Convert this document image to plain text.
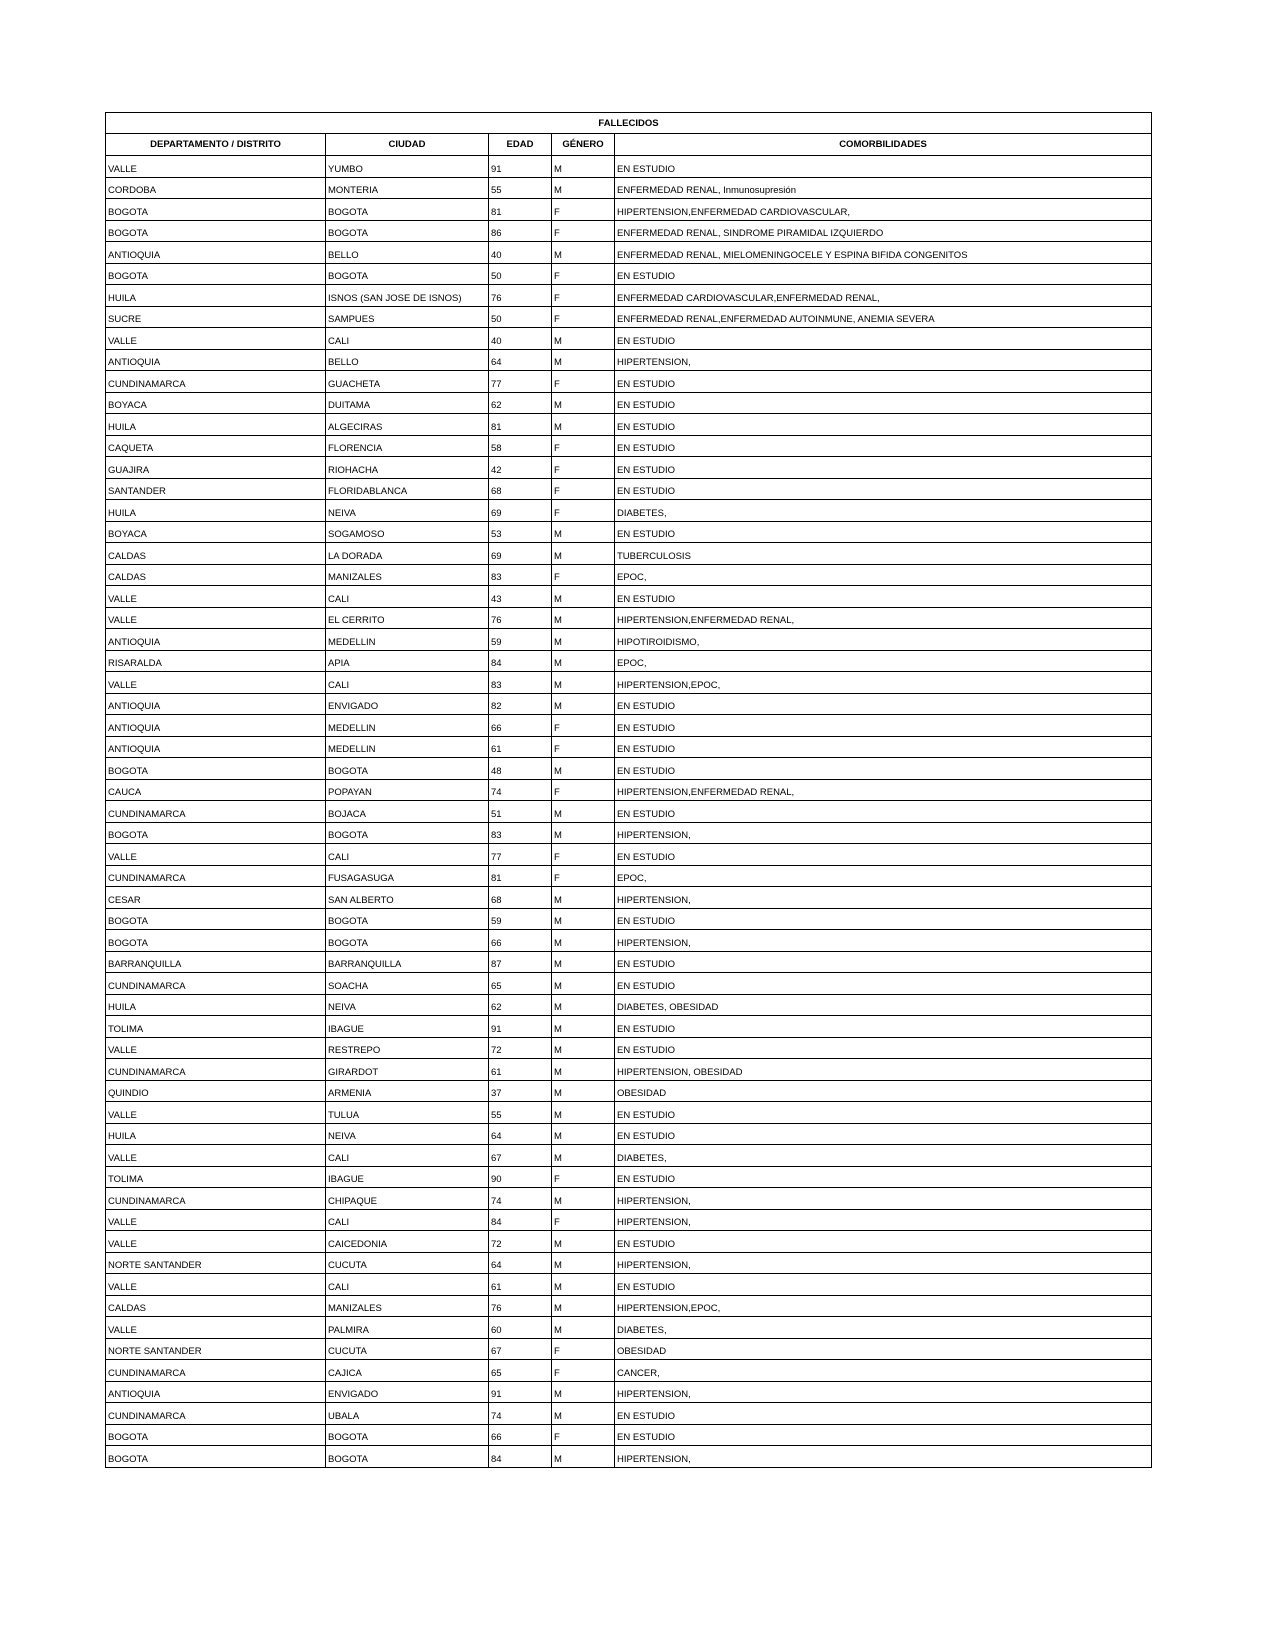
FALLECIDOS				
DEPARTAMENTO / DISTRITO	CIUDAD	EDAD	GÉNERO	COMORBILIDADES
VALLE	YUMBO	91	M	EN ESTUDIO
CORDOBA	MONTERIA	55	M	ENFERMEDAD RENAL, Inmunosupresión
BOGOTA	BOGOTA	81	F	HIPERTENSION,ENFERMEDAD CARDIOVASCULAR,
BOGOTA	BOGOTA	86	F	ENFERMEDAD RENAL, SINDROME PIRAMIDAL IZQUIERDO
ANTIOQUIA	BELLO	40	M	ENFERMEDAD RENAL, MIELOMENINGOCELE Y ESPINA BIFIDA CONGENITOS
BOGOTA	BOGOTA	50	F	EN ESTUDIO
HUILA	ISNOS (SAN JOSE DE ISNOS)	76	F	ENFERMEDAD CARDIOVASCULAR,ENFERMEDAD RENAL,
SUCRE	SAMPUES	50	F	ENFERMEDAD RENAL,ENFERMEDAD AUTOINMUNE, ANEMIA SEVERA
VALLE	CALI	40	M	EN ESTUDIO
ANTIOQUIA	BELLO	64	M	HIPERTENSION,
CUNDINAMARCA	GUACHETA	77	F	EN ESTUDIO
BOYACA	DUITAMA	62	M	EN ESTUDIO
HUILA	ALGECIRAS	81	M	EN ESTUDIO
CAQUETA	FLORENCIA	58	F	EN ESTUDIO
GUAJIRA	RIOHACHA	42	F	EN ESTUDIO
SANTANDER	FLORIDABLANCA	68	F	EN ESTUDIO
HUILA	NEIVA	69	F	DIABETES,
BOYACA	SOGAMOSO	53	M	EN ESTUDIO
CALDAS	LA DORADA	69	M	TUBERCULOSIS
CALDAS	MANIZALES	83	F	EPOC,
VALLE	CALI	43	M	EN ESTUDIO
VALLE	EL CERRITO	76	M	HIPERTENSION,ENFERMEDAD RENAL,
ANTIOQUIA	MEDELLIN	59	M	HIPOTIROIDISMO,
RISARALDA	APIA	84	M	EPOC,
VALLE	CALI	83	M	HIPERTENSION,EPOC,
ANTIOQUIA	ENVIGADO	82	M	EN ESTUDIO
ANTIOQUIA	MEDELLIN	66	F	EN ESTUDIO
ANTIOQUIA	MEDELLIN	61	F	EN ESTUDIO
BOGOTA	BOGOTA	48	M	EN ESTUDIO
CAUCA	POPAYAN	74	F	HIPERTENSION,ENFERMEDAD RENAL,
CUNDINAMARCA	BOJACA	51	M	EN ESTUDIO
BOGOTA	BOGOTA	83	M	HIPERTENSION,
VALLE	CALI	77	F	EN ESTUDIO
CUNDINAMARCA	FUSAGASUGA	81	F	EPOC,
CESAR	SAN ALBERTO	68	M	HIPERTENSION,
BOGOTA	BOGOTA	59	M	EN ESTUDIO
BOGOTA	BOGOTA	66	M	HIPERTENSION,
BARRANQUILLA	BARRANQUILLA	87	M	EN ESTUDIO
CUNDINAMARCA	SOACHA	65	M	EN ESTUDIO
HUILA	NEIVA	62	M	DIABETES, OBESIDAD
TOLIMA	IBAGUE	91	M	EN ESTUDIO
VALLE	RESTREPO	72	M	EN ESTUDIO
CUNDINAMARCA	GIRARDOT	61	M	HIPERTENSION, OBESIDAD
QUINDIO	ARMENIA	37	M	OBESIDAD
VALLE	TULUA	55	M	EN ESTUDIO
HUILA	NEIVA	64	M	EN ESTUDIO
VALLE	CALI	67	M	DIABETES,
TOLIMA	IBAGUE	90	F	EN ESTUDIO
CUNDINAMARCA	CHIPAQUE	74	M	HIPERTENSION,
VALLE	CALI	84	F	HIPERTENSION,
VALLE	CAICEDONIA	72	M	EN ESTUDIO
NORTE SANTANDER	CUCUTA	64	M	HIPERTENSION,
VALLE	CALI	61	M	EN ESTUDIO
CALDAS	MANIZALES	76	M	HIPERTENSION,EPOC,
VALLE	PALMIRA	60	M	DIABETES,
NORTE SANTANDER	CUCUTA	67	F	OBESIDAD
CUNDINAMARCA	CAJICA	65	F	CANCER,
ANTIOQUIA	ENVIGADO	91	M	HIPERTENSION,
CUNDINAMARCA	UBALA	74	M	EN ESTUDIO
BOGOTA	BOGOTA	66	F	EN ESTUDIO
BOGOTA	BOGOTA	84	M	HIPERTENSION,
